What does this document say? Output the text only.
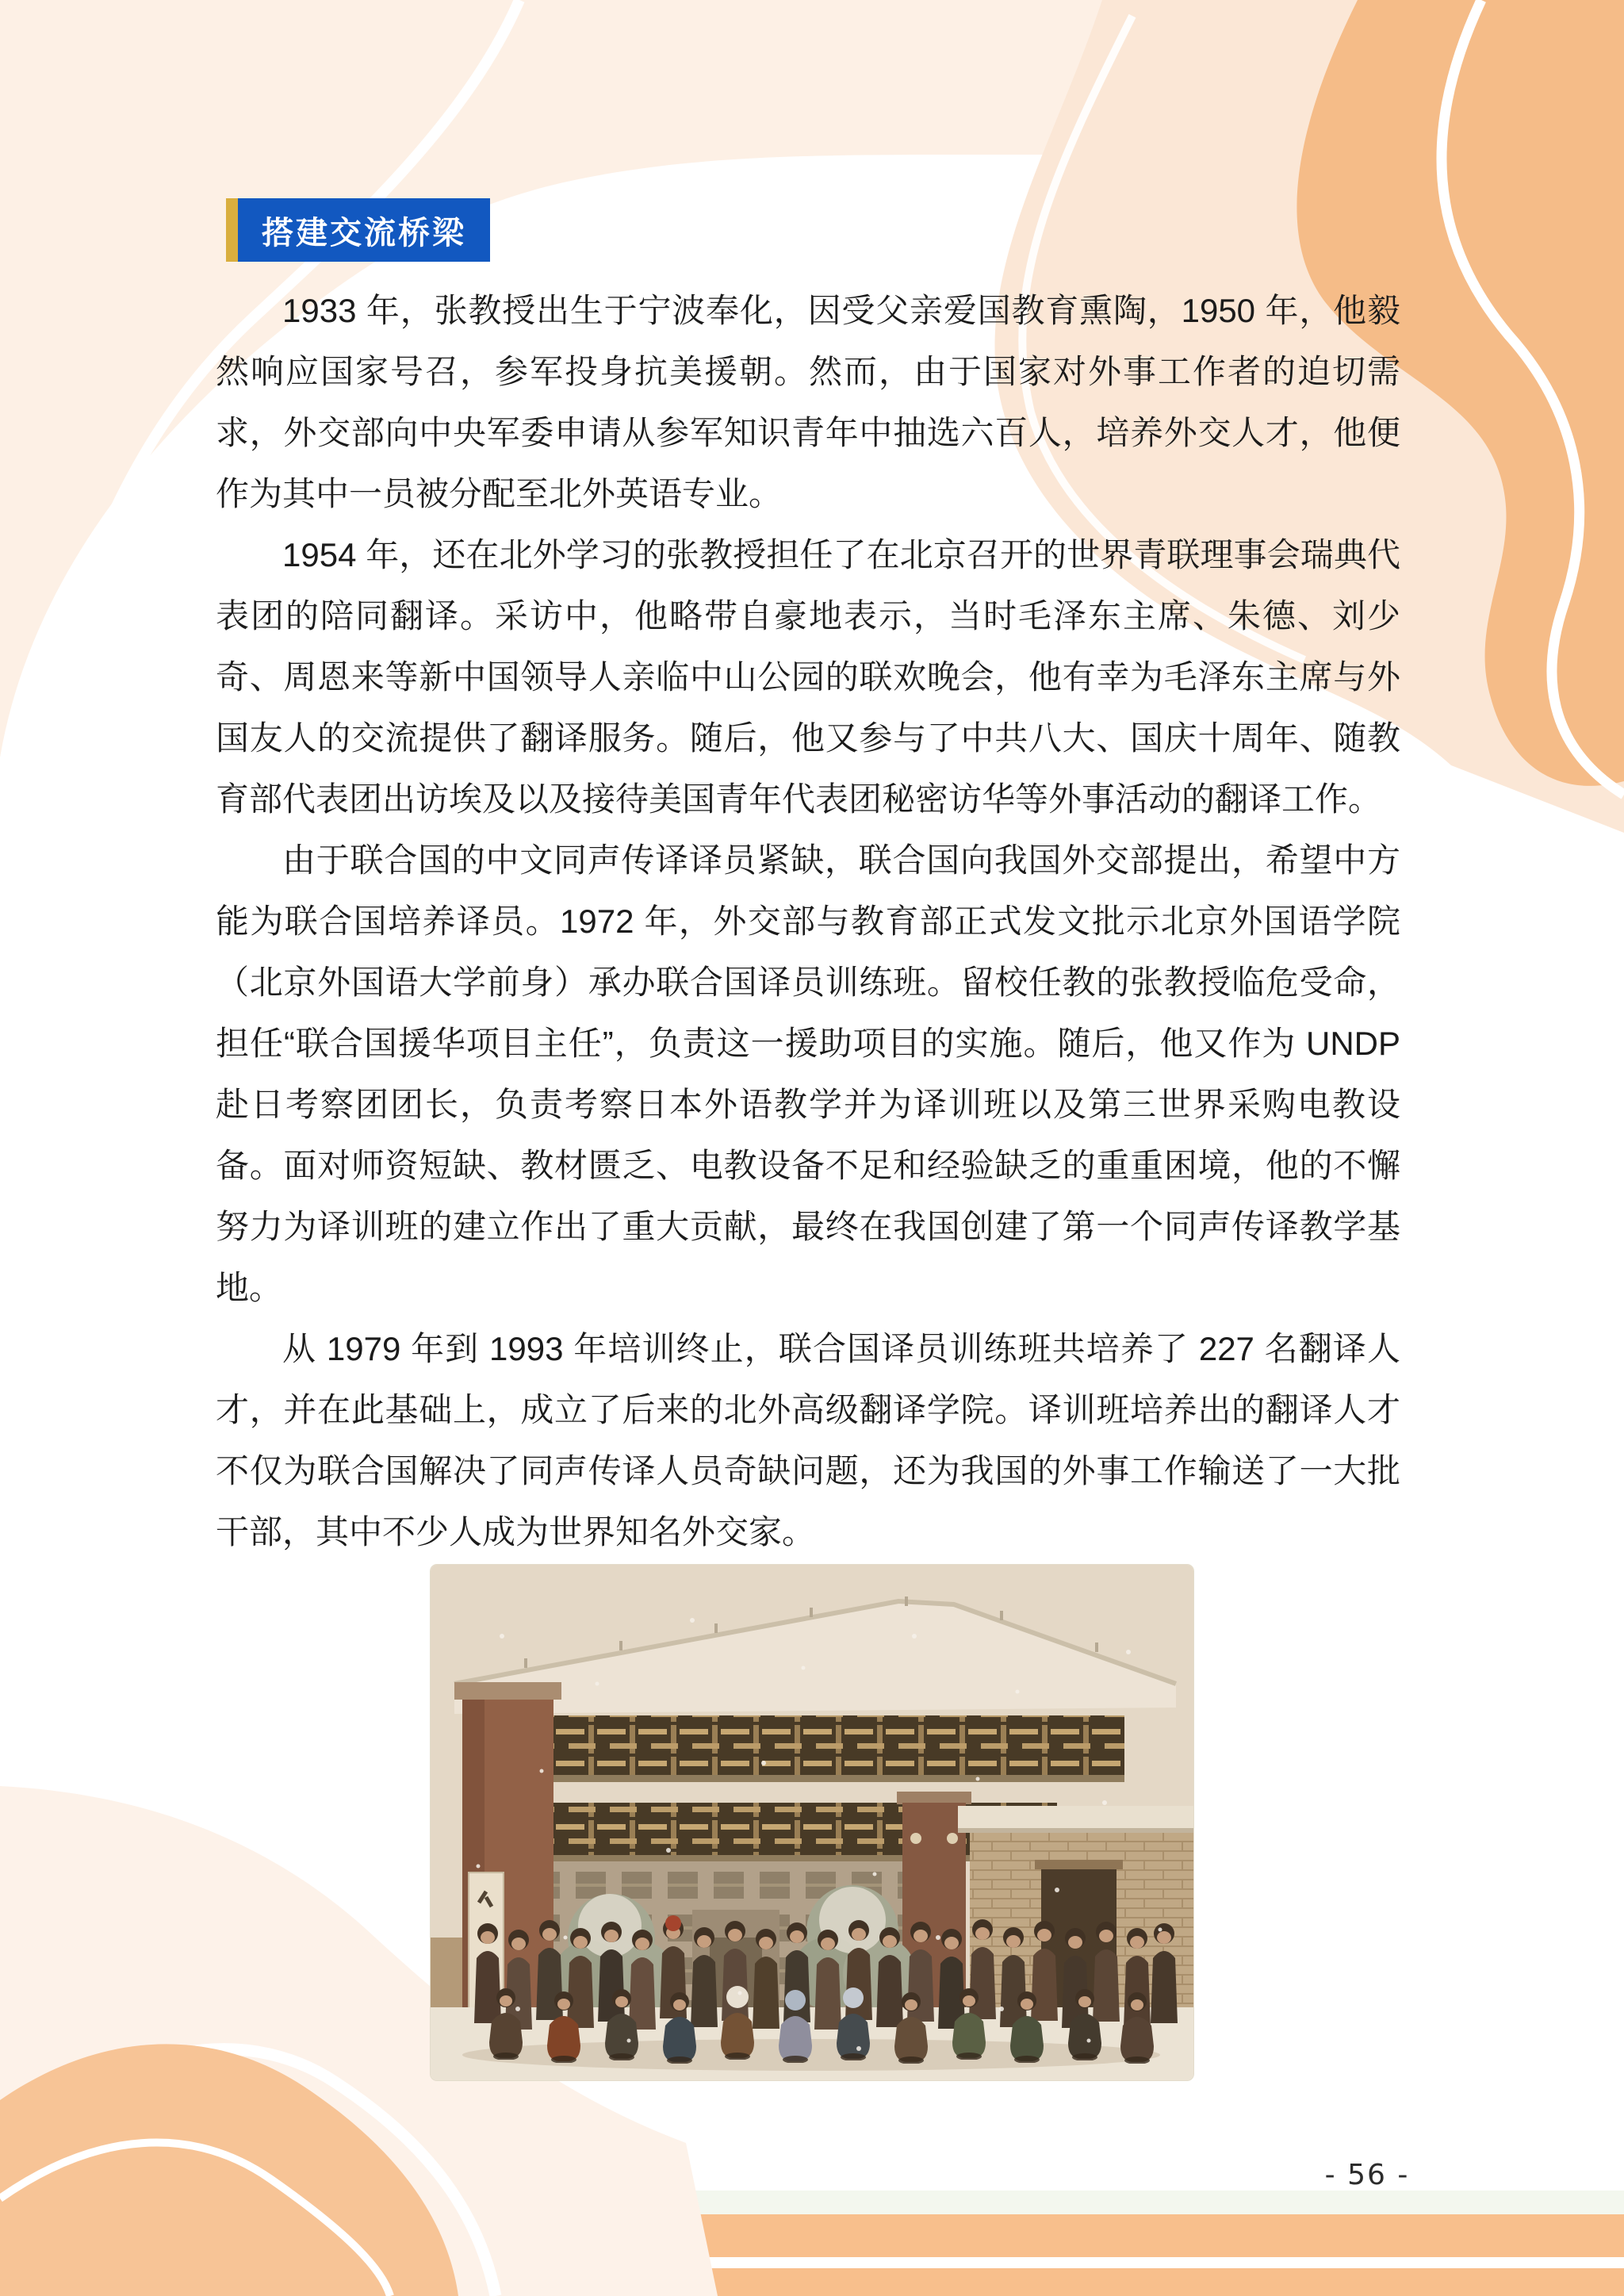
搭建交流桥梁

1933 年，张教授出生于宁波奉化，因受父亲爱国教育熏陶，1950 年，他毅然响应国家号召，参军投身抗美援朝。然而，由于国家对外事工作者的迫切需求，外交部向中央军委申请从参军知识青年中抽选六百人，培养外交人才，他便作为其中一员被分配至北外英语专业。

1954 年，还在北外学习的张教授担任了在北京召开的世界青联理事会瑞典代表团的陪同翻译。采访中，他略带自豪地表示，当时毛泽东主席、朱德、刘少奇、周恩来等新中国领导人亲临中山公园的联欢晚会，他有幸为毛泽东主席与外国友人的交流提供了翻译服务。随后，他又参与了中共八大、国庆十周年、随教育部代表团出访埃及以及接待美国青年代表团秘密访华等外事活动的翻译工作。

由于联合国的中文同声传译译员紧缺，联合国向我国外交部提出，希望中方能为联合国培养译员。1972 年，外交部与教育部正式发文批示北京外国语学院（北京外国语大学前身）承办联合国译员训练班。留校任教的张教授临危受命，担任“联合国援华项目主任”，负责这一援助项目的实施。随后，他又作为 UNDP 赴日考察团团长，负责考察日本外语教学并为译训班以及第三世界采购电教设备。面对师资短缺、教材匮乏、电教设备不足和经验缺乏的重重困境，他的不懈努力为译训班的建立作出了重大贡献，最终在我国创建了第一个同声传译教学基地。

从 1979 年到 1993 年培训终止，联合国译员训练班共培养了 227 名翻译人才，并在此基础上，成立了后来的北外高级翻译学院。译训班培养出的翻译人才不仅为联合国解决了同声传译人员奇缺问题，还为我国的外事工作输送了一大批干部，其中不少人成为世界知名外交家。

- 56 -
